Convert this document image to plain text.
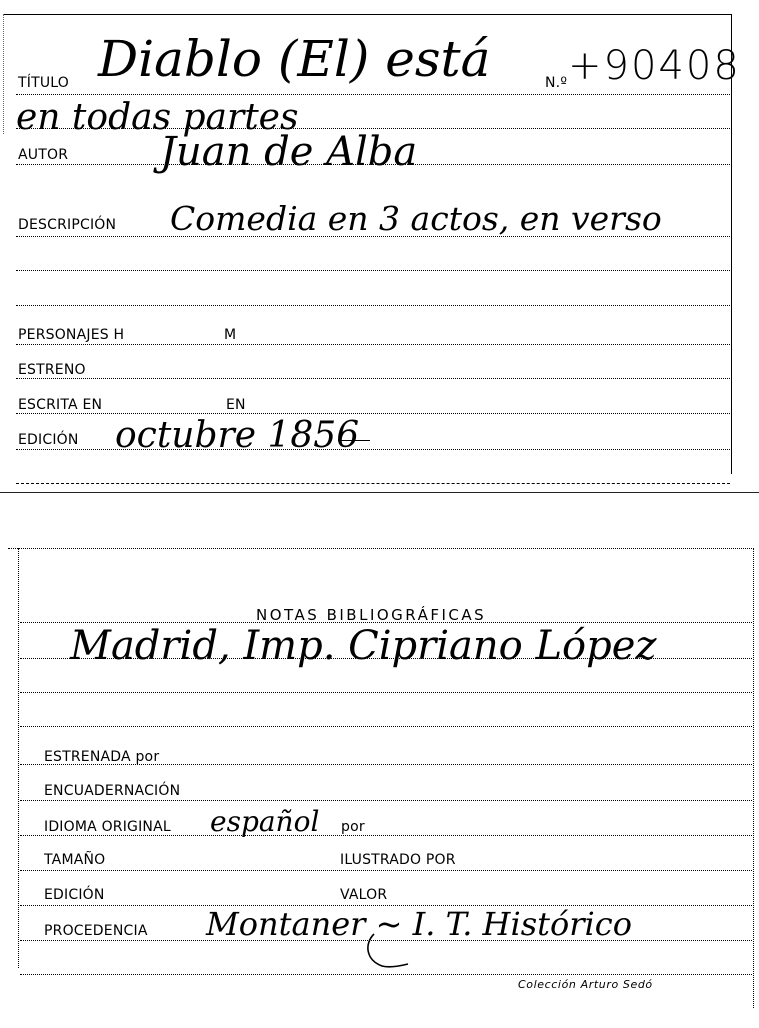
TÍTULO Diablo (El) está	N.º +90408
en todas partes
AUTOR Juan de Alba
DESCRIPCIÓN Comedia en 3 actos, en verso
PERSONAJES H	M
ESTRENO
ESCRITA EN	EN
EDICIÓN octubre 1856
NOTAS BIBLIOGRÁFICAS
Madrid, Imp. Cipriano López
ESTRENADA por
ENCUADERNACIÓN
IDIOMA ORIGINAL español por
TAMAÑO	ILUSTRADO POR
EDICIÓN	VALOR
PROCEDENCIA Montaner ~ I. T. Histórico
Colección Arturo Sedó
